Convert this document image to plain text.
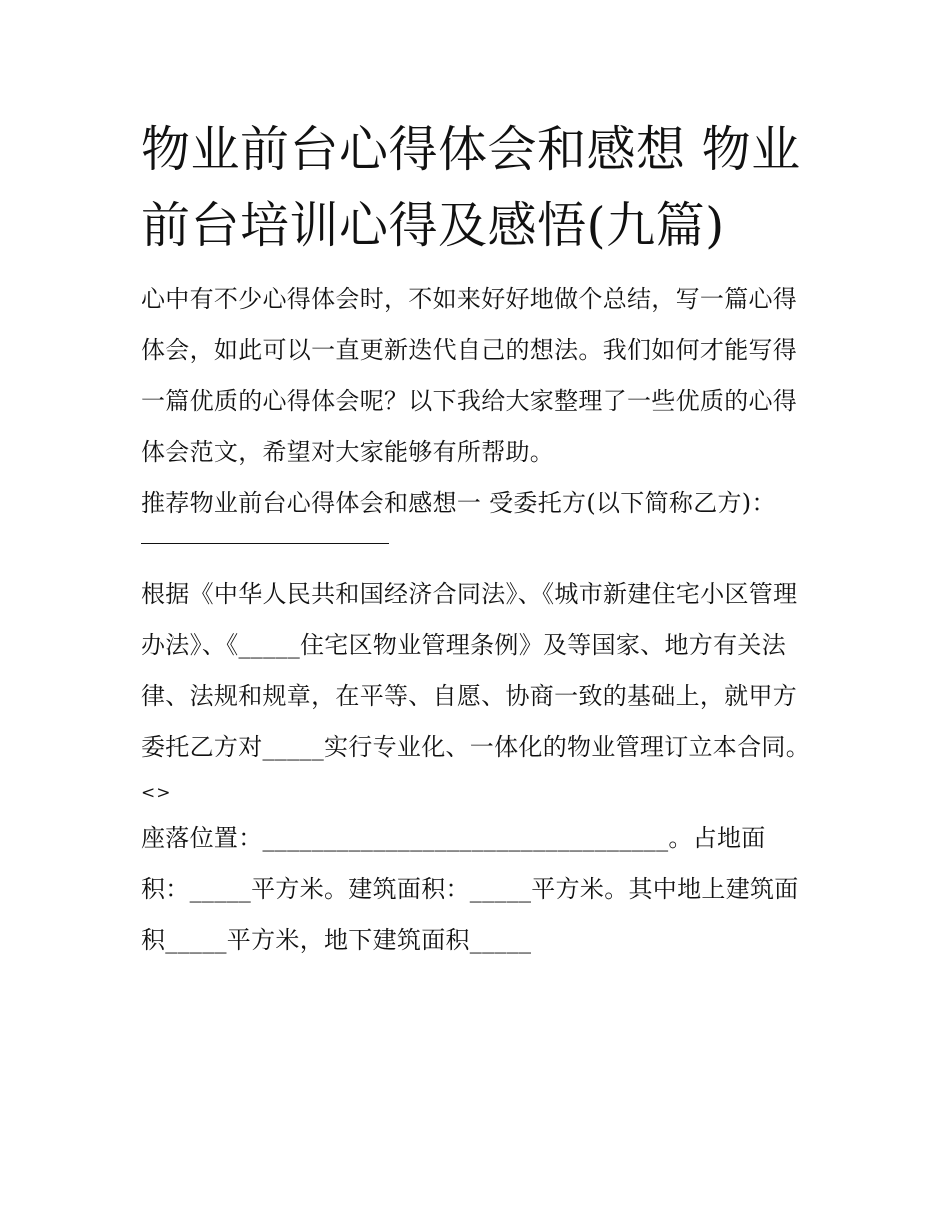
物业前台心得体会和感想 物业前台培训心得及感悟(九篇)

心中有不少心得体会时，不如来好好地做个总结，写一篇心得体会，如此可以一直更新迭代自己的想法。我们如何才能写得一篇优质的心得体会呢？以下我给大家整理了一些优质的心得体会范文，希望对大家能够有所帮助。

推荐物业前台心得体会和感想一 受委托方(以下简称乙方)：

根据《中华人民共和国经济合同法》、《城市新建住宅小区管理办法》、《_____住宅区物业管理条例》及等国家、地方有关法律、法规和规章，在平等、自愿、协商一致的基础上，就甲方委托乙方对_____实行专业化、一体化的物业管理订立本合同。

<>

座落位置：_________________________________。占地面积：_____平方米。建筑面积：_____平方米。其中地上建筑面积_____平方米，地下建筑面积_____
